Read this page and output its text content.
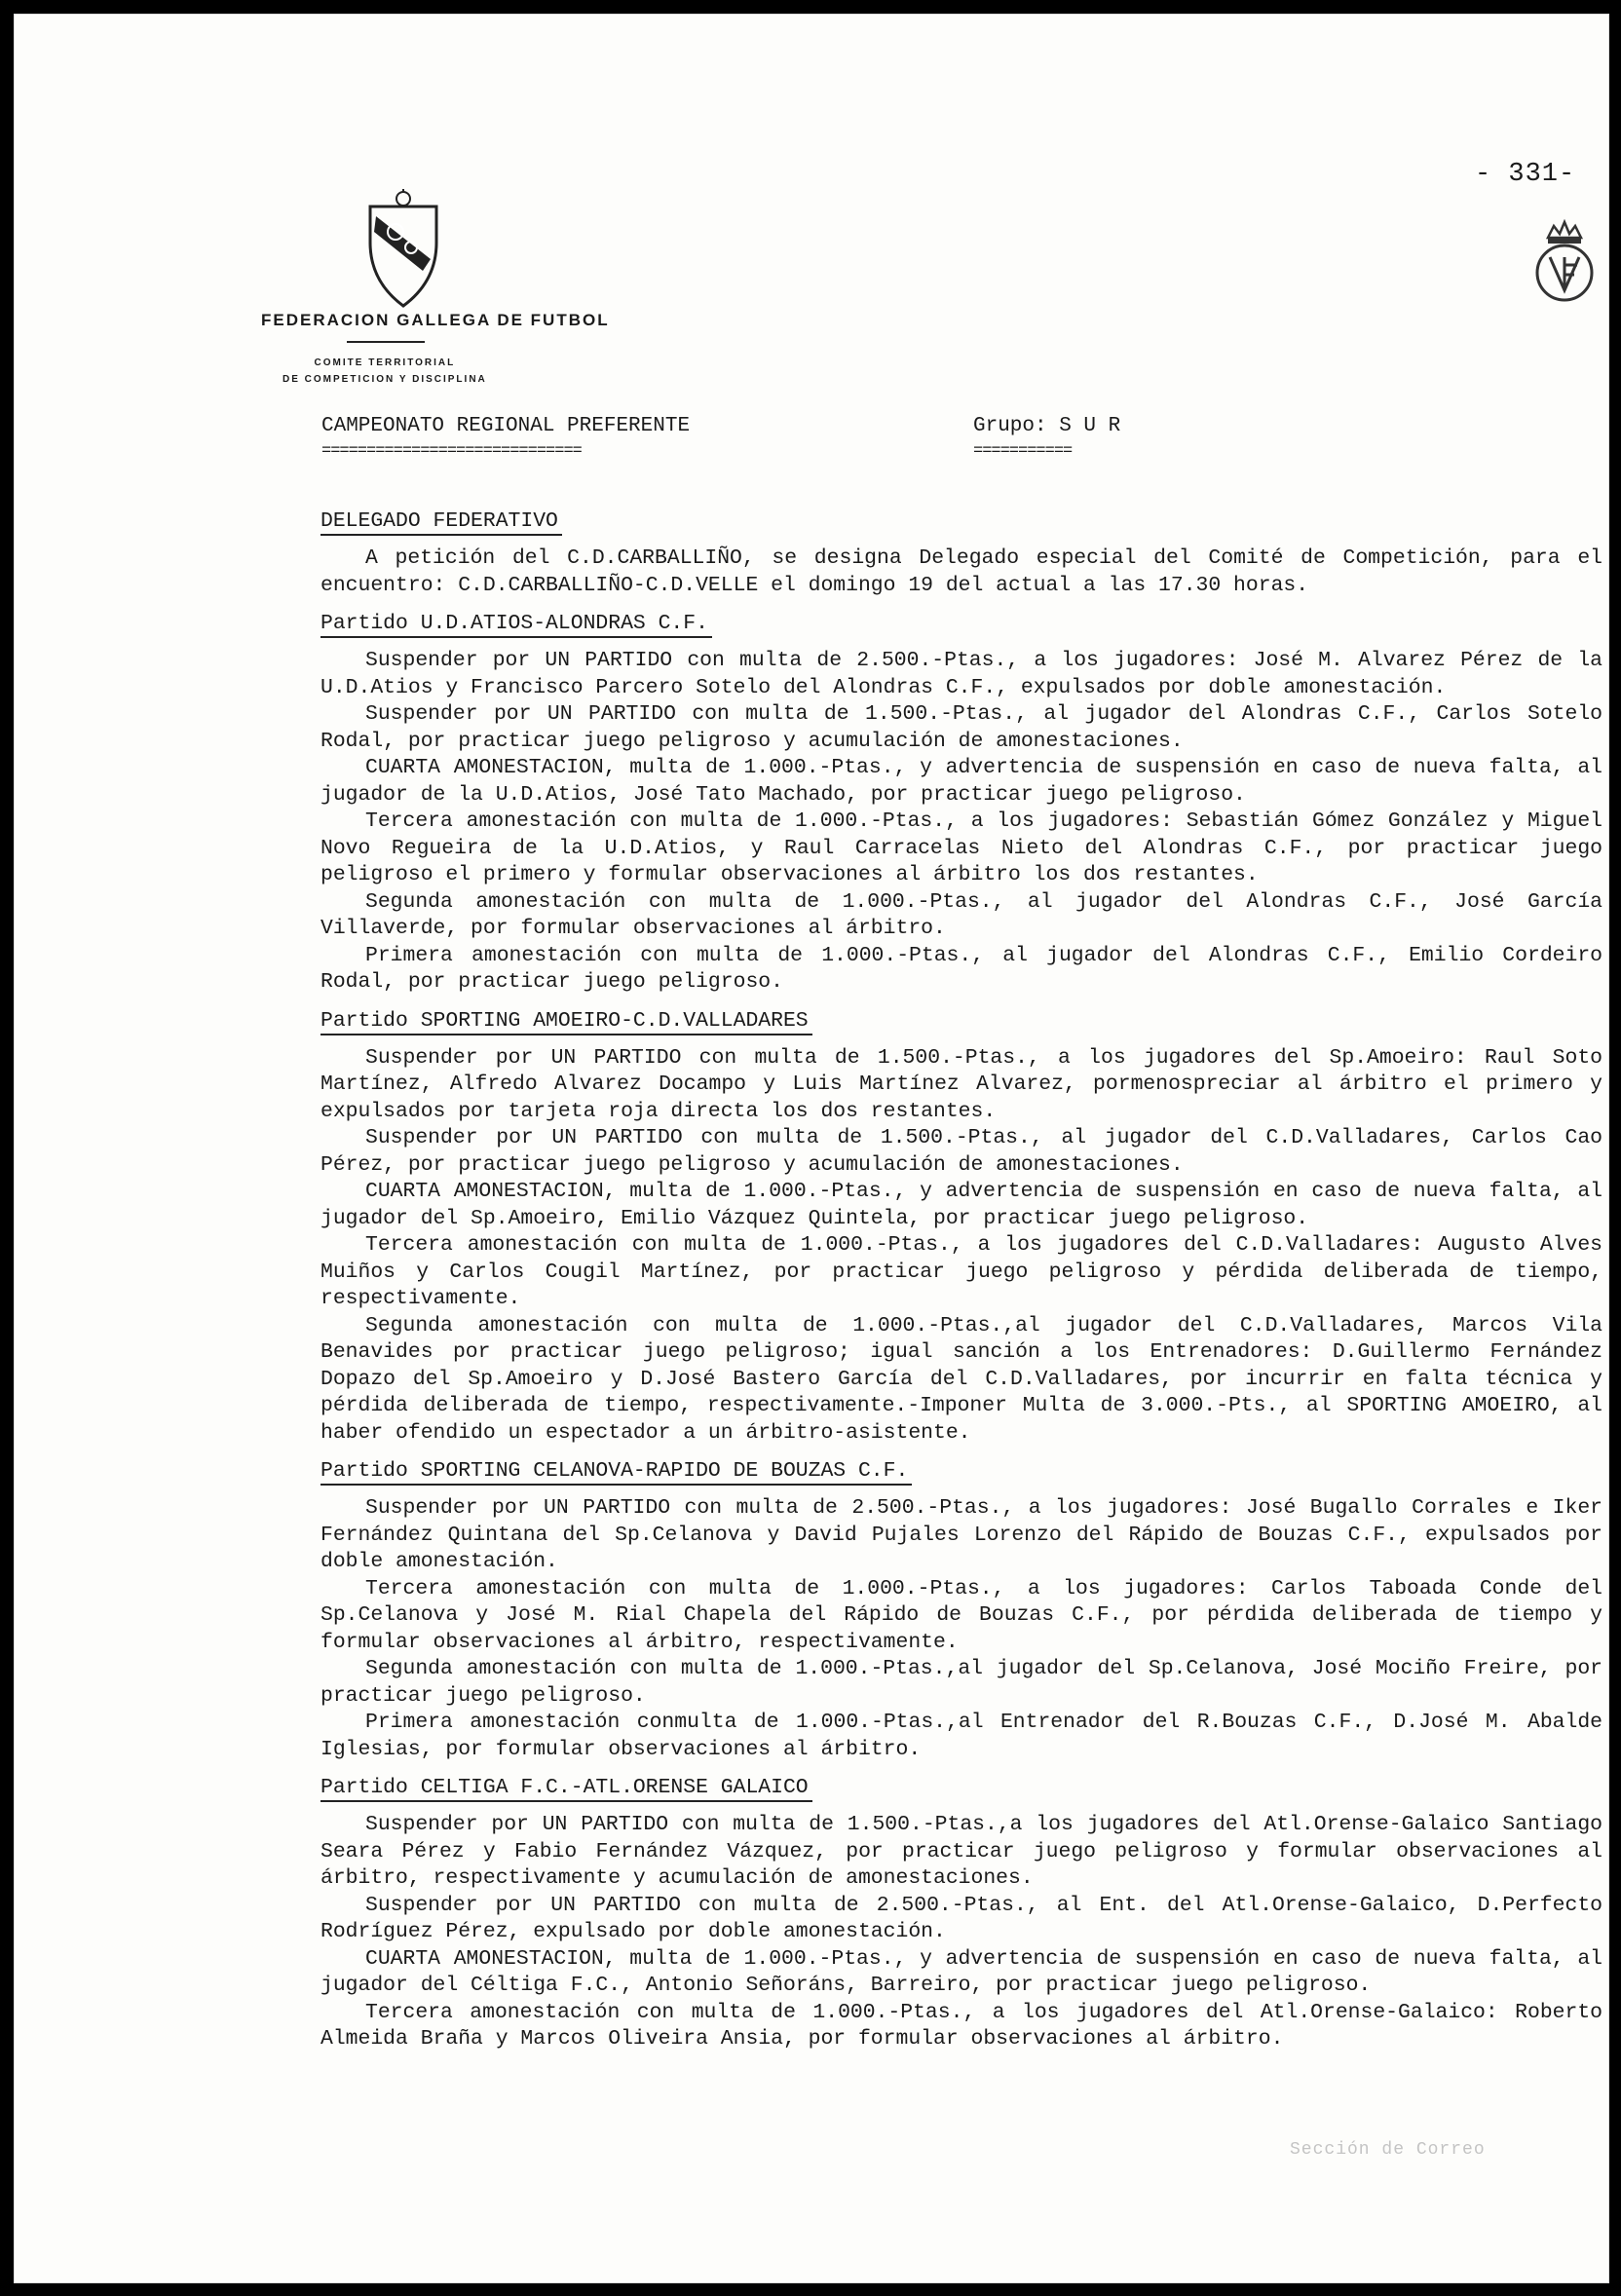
- 331-
FEDERACION GALLEGA DE FUTBOL
COMITE TERRITORIAL
DE COMPETICION Y DISCIPLINA
CAMPEONATO REGIONAL PREFERENTE
=============================
Grupo: S U R
===========
DELEGADO FEDERATIVO

A petición del C.D.CARBALLIÑO, se designa Delegado especial del Comité de Competición, para el encuentro: C.D.CARBALLIÑO-C.D.VELLE el domingo 19 del actual a las 17.30 horas.

Partido U.D.ATIOS-ALONDRAS C.F.

Suspender por UN PARTIDO con multa de 2.500.-Ptas., a los jugadores: José M. Alvarez Pérez de la U.D.Atios y Francisco Parcero Sotelo del Alondras C.F., expulsados por doble amonestación.

Suspender por UN PARTIDO con multa de 1.500.-Ptas., al jugador del Alondras C.F., Carlos Sotelo Rodal, por practicar juego peligroso y acumulación de amonestaciones.

CUARTA AMONESTACION, multa de 1.000.-Ptas., y advertencia de suspensión en caso de nueva falta, al jugador de la U.D.Atios, José Tato Machado, por practicar juego peligroso.

Tercera amonestación con multa de 1.000.-Ptas., a los jugadores: Sebastián Gómez González y Miguel Novo Regueira de la U.D.Atios, y Raul Carracelas Nieto del Alondras C.F., por practicar juego peligroso el primero y formular observaciones al árbitro los dos restantes.

Segunda amonestación con multa de 1.000.-Ptas., al jugador del Alondras C.F., José García Villaverde, por formular observaciones al árbitro.

Primera amonestación con multa de 1.000.-Ptas., al jugador del Alondras C.F., Emilio Cordeiro Rodal, por practicar juego peligroso.

Partido SPORTING AMOEIRO-C.D.VALLADARES

Suspender por UN PARTIDO con multa de 1.500.-Ptas., a los jugadores del Sp.Amoeiro: Raul Soto Martínez, Alfredo Alvarez Docampo y Luis Martínez Alvarez, pormenospreciar al árbitro el primero y expulsados por tarjeta roja directa los dos restantes.

Suspender por UN PARTIDO con multa de 1.500.-Ptas., al jugador del C.D.Valladares, Carlos Cao Pérez, por practicar juego peligroso y acumulación de amonestaciones.

CUARTA AMONESTACION, multa de 1.000.-Ptas., y advertencia de suspensión en caso de nueva falta, al jugador del Sp.Amoeiro, Emilio Vázquez Quintela, por practicar juego peligroso.

Tercera amonestación con multa de 1.000.-Ptas., a los jugadores del C.D.Valladares: Augusto Alves Muiños y Carlos Cougil Martínez, por practicar juego peligroso y pérdida deliberada de tiempo, respectivamente.

Segunda amonestación con multa de 1.000.-Ptas.,al jugador del C.D.Valladares, Marcos Vila Benavides por practicar juego peligroso; igual sanción a los Entrenadores: D.Guillermo Fernández Dopazo del Sp.Amoeiro y D.José Bastero García del C.D.Valladares, por incurrir en falta técnica y pérdida deliberada de tiempo, respectivamente.-Imponer Multa de 3.000.-Pts., al SPORTING AMOEIRO, al haber ofendido un espectador a un árbitro-asistente.

Partido SPORTING CELANOVA-RAPIDO DE BOUZAS C.F.

Suspender por UN PARTIDO con multa de 2.500.-Ptas., a los jugadores: José Bugallo Corrales e Iker Fernández Quintana del Sp.Celanova y David Pujales Lorenzo del Rápido de Bouzas C.F., expulsados por doble amonestación.

Tercera amonestación con multa de 1.000.-Ptas., a los jugadores: Carlos Taboada Conde del Sp.Celanova y José M. Rial Chapela del Rápido de Bouzas C.F., por pérdida deliberada de tiempo y formular observaciones al árbitro, respectivamente.

Segunda amonestación con multa de 1.000.-Ptas.,al jugador del Sp.Celanova, José Mociño Freire, por practicar juego peligroso.

Primera amonestación conmulta de 1.000.-Ptas.,al Entrenador del R.Bouzas C.F., D.José M. Abalde Iglesias, por formular observaciones al árbitro.

Partido CELTIGA F.C.-ATL.ORENSE GALAICO

Suspender por UN PARTIDO con multa de 1.500.-Ptas.,a los jugadores del Atl.Orense-Galaico Santiago Seara Pérez y Fabio Fernández Vázquez, por practicar juego peligroso y formular observaciones al árbitro, respectivamente y acumulación de amonestaciones.

Suspender por UN PARTIDO con multa de 2.500.-Ptas., al Ent. del Atl.Orense-Galaico, D.Perfecto Rodríguez Pérez, expulsado por doble amonestación.

CUARTA AMONESTACION, multa de 1.000.-Ptas., y advertencia de suspensión en caso de nueva falta, al jugador del Céltiga F.C., Antonio Señoráns, Barreiro, por practicar juego peligroso.

Tercera amonestación con multa de 1.000.-Ptas., a los jugadores del Atl.Orense-Galaico: Roberto Almeida Braña y Marcos Oliveira Ansia, por formular observaciones al árbitro.

Sección de Correo
